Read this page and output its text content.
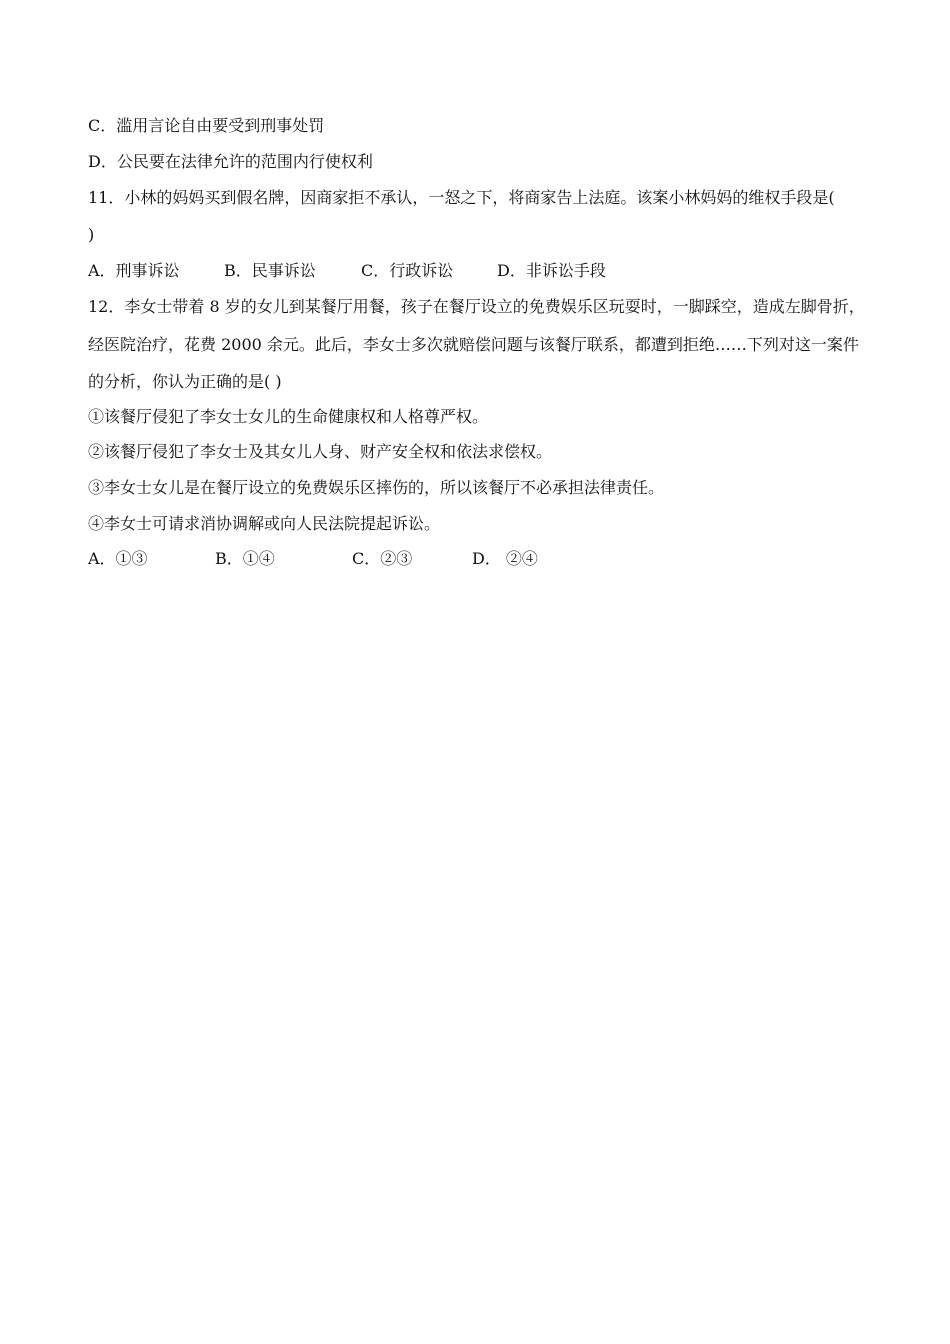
C．滥用言论自由要受到刑事处罚
D．公民要在法律允许的范围内行使权利
11．小林的妈妈买到假名牌，因商家拒不承认，一怒之下，将商家告上法庭。该案小林妈妈的维权手段是(
)
A．刑事诉讼	B．民事诉讼	C．行政诉讼	D．非诉讼手段
12．李女士带着 8 岁的女儿到某餐厅用餐，孩子在餐厅设立的免费娱乐区玩耍时，一脚踩空，造成左脚骨折，
经医院治疗，花费 2000 余元。此后，李女士多次就赔偿问题与该餐厅联系，都遭到拒绝……下列对这一案件
的分析，你认为正确的是( )
①该餐厅侵犯了李女士女儿的生命健康权和人格尊严权。
②该餐厅侵犯了李女士及其女儿人身、财产安全权和依法求偿权。
③李女士女儿是在餐厅设立的免费娱乐区摔伤的，所以该餐厅不必承担法律责任。
④李女士可请求消协调解或向人民法院提起诉讼。
A．①③	B．①④	C．②③	D． ②④
